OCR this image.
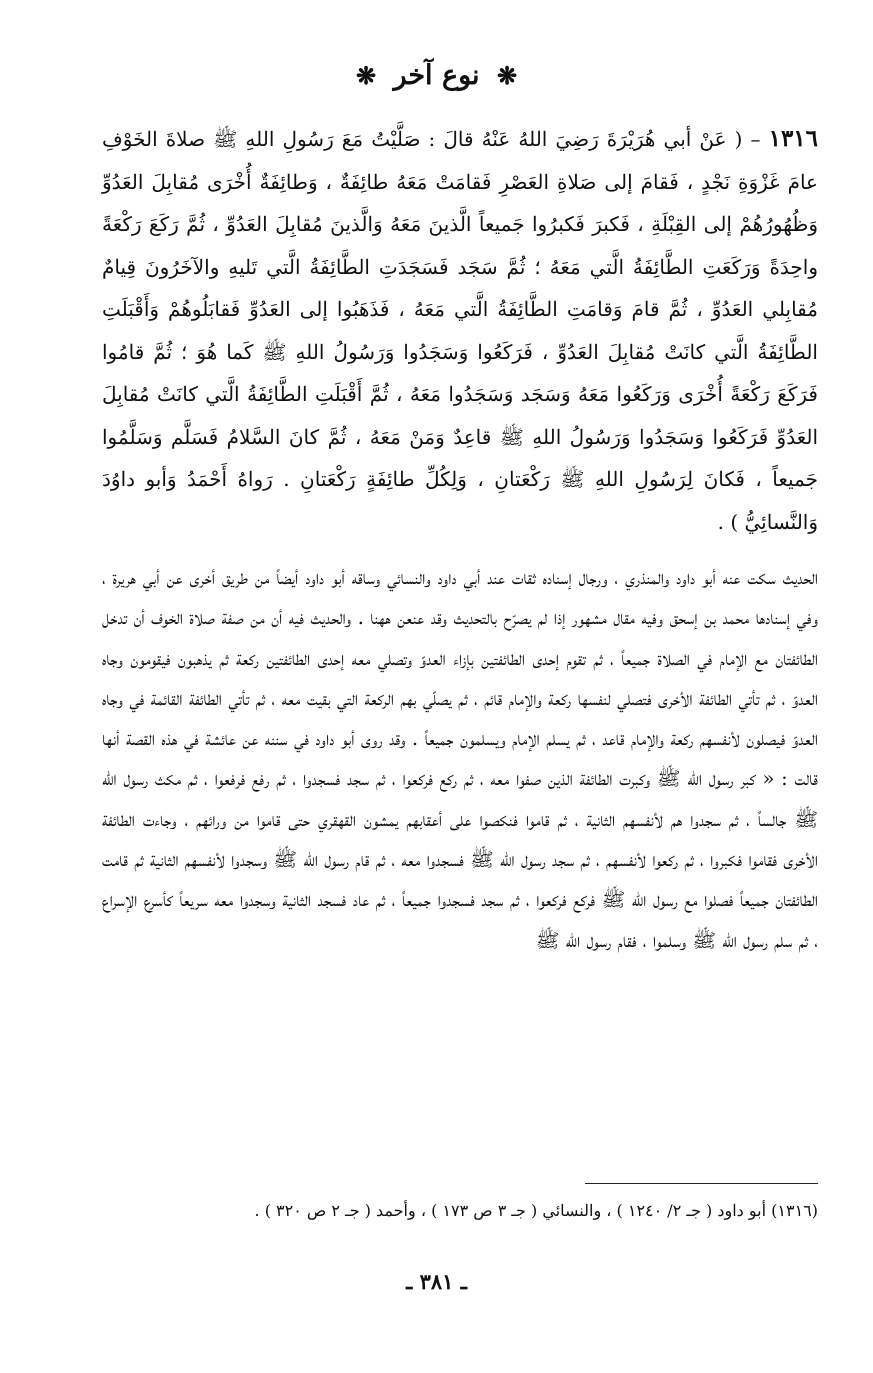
❋ نوع آخر ❋
١٣١٦ – ( عَنْ أبي هُرَيْرَةَ رَضِيَ اللهُ عَنْهُ قالَ : صَلَّيْتُ مَعَ رَسُولِ اللهِ ﷺ صلاةَ الخَوْفِ عامَ غَزْوَةِ نَجْدٍ ، فَقامَ إلى صَلاةِ العَصْرِ فَقامَتْ مَعَهُ طائِفَةٌ ، وَطائِفَةٌ أُخْرَى مُقابِلَ العَدُوِّ وَظُهُورُهُمْ إلى القِبْلَةِ ، فَكبرَ فَكبرُوا جَميعاً الَّذينَ مَعَهُ وَالَّذينَ مُقابِلَ العَدُوِّ ، ثُمَّ رَكَعَ رَكْعَةً واحِدَةً وَرَكَعَتِ الطَّائِفَةُ الَّتي مَعَهُ ؛ ثُمَّ سَجَد فَسَجَدَتِ الطَّائِفَةُ الَّتي تَليهِ والآخَرُونَ قِيامٌ مُقابِلي العَدُوِّ ، ثُمَّ قامَ وَقامَتِ الطَّائِفَةُ الَّتي مَعَهُ ، فَذَهَبُوا إلى العَدُوِّ فَقابَلُوهُمْ وَأَقْبَلَتِ الطَّائِفَةُ الَّتي كانَتْ مُقابِلَ العَدُوِّ ، فَرَكَعُوا وَسَجَدُوا وَرَسُولُ اللهِ ﷺ كَما هُوَ ؛ ثُمَّ قامُوا فَرَكَعَ رَكْعَةً أُخْرَى وَرَكَعُوا مَعَهُ وَسَجَد وَسَجَدُوا مَعَهُ ، ثُمَّ أَقْبَلَتِ الطَّائِفَةُ الَّتي كانَتْ مُقابِلَ العَدُوِّ فَرَكَعُوا وَسَجَدُوا وَرَسُولُ اللهِ ﷺ قاعِدٌ وَمَنْ مَعَهُ ، ثُمَّ كانَ السَّلامُ فَسَلَّم وَسَلَّمُوا جَميعاً ، فَكانَ لِرَسُولِ اللهِ ﷺ رَكْعَتانِ ، وَلِكُلِّ طائِفَةٍ رَكْعَتانِ . رَواهُ أَحْمَدُ وَأبو داوُدَ وَالنَّسائِيُّ ) .
الحديث سكت عنه أبو داود والمنذري ، ورجال إسناده ثقات عند أبي داود والنسائي وساقه أبو داود أيضاً من طريق أخرى عن أبي هريرة ، وفي إسنادها محمد بن إسحق وفيه مقال مشهور إذا لم يصرّح بالتحديث وقد عنعن ههنا . والحديث فيه أن من صفة صلاة الخوف أن تدخل الطائفتان مع الإمام في الصلاة جميعاً ، ثم تقوم إحدى الطائفتين بإزاء العدوّ وتصلي معه إحدى الطائفتين ركعة ثم يذهبون فيقومون وجاه العدوّ ، ثم تأتي الطائفة الأخرى فتصلي لنفسها ركعة والإمام قائم ، ثم يصلّي بهم الركعة التي بقيت معه ، ثم تأتي الطائفة القائمة في وجاه العدوّ فيصلون لأنفسهم ركعة والإمام قاعد ، ثم يسلم الإمام ويسلمون جميعاً . وقد روى أبو داود في سننه عن عائشة في هذه القصة أنها قالت : « كبر رسول الله ﷺ وكبرت الطائفة الذين صفوا معه ، ثم ركع فركعوا ، ثم سجد فسجدوا ، ثم رفع فرفعوا ، ثم مكث رسول الله ﷺ جالساً ، ثم سجدوا هم لأنفسهم الثانية ، ثم قاموا فنكصوا على أعقابهم يمشون القهقري حتى قاموا من ورائهم ، وجاءت الطائفة الأخرى فقاموا فكبروا ، ثم ركعوا لأنفسهم ، ثم سجد رسول الله ﷺ فسجدوا معه ، ثم قام رسول الله ﷺ وسجدوا لأنفسهم الثانية ثم قامت الطائفتان جميعاً فصلوا مع رسول الله ﷺ فركع فركعوا ، ثم سجد فسجدوا جميعاً ، ثم عاد فسجد الثانية وسجدوا معه سريعاً كأسرع الإسراع ، ثم سلم رسول الله ﷺ وسلموا ، فقام رسول الله ﷺ
(١٣١٦) أبو داود ( جـ ٢/ ١٢٤٠ ) ، والنسائي ( جـ ٣ ص ١٧٣ ) ، وأحمد ( جـ ٢ ص ٣٢٠ ) .
ـ ٣٨١ ـ
